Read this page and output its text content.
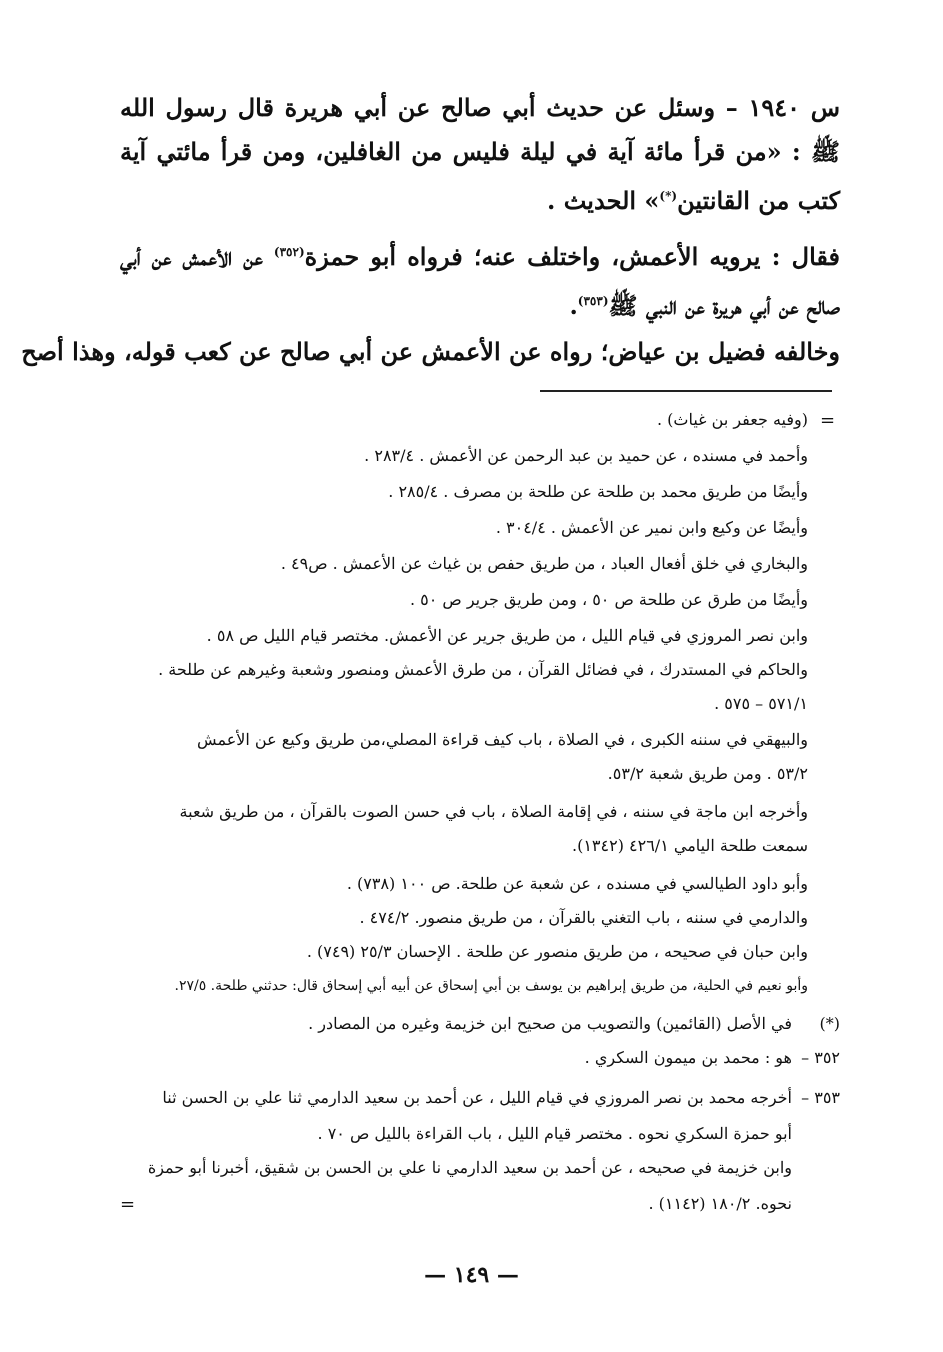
س ١٩٤٠ – وسئل عن حديث أبي صالح عن أبي هريرة قال رسول الله ﷺ : «من قرأ مائة آية في ليلة فليس من الغافلين، ومن قرأ مائتي آية كتب من القانتين(*)» الحديث .

فقال : يرويه الأعمش، واختلف عنه؛ فرواه أبو حمزة$^{(٣٥٢)}$ عن الأعمش عن أبي صالح عن أبي هريرة عن النبي ﷺ$^{(٣٥٣)}$.

وخالفه فضيل بن عياض؛ رواه عن الأعمش عن أبي صالح عن كعب قوله، وهذا أصح

=
(وفيه جعفر بن غياث) .
وأحمد في مسنده ، عن حميد بن عبد الرحمن عن الأعمش . ٢٨٣/٤ .
وأيضًا من طريق محمد بن طلحة عن طلحة بن مصرف . ٢٨٥/٤ .
وأيضًا عن وكيع وابن نمير عن الأعمش . ٣٠٤/٤ .
والبخاري في خلق أفعال العباد ، من طريق حفص بن غياث عن الأعمش . ص٤٩ .
وأيضًا من طرق عن طلحة ص ٥٠ ، ومن طريق جرير ص ٥٠ .
وابن نصر المروزي في قيام الليل ، من طريق جرير عن الأعمش. مختصر قيام الليل ص ٥٨ .
والحاكم في المستدرك ، في فضائل القرآن ، من طرق الأعمش ومنصور وشعبة وغيرهم عن طلحة .
٥٧١/١ – ٥٧٥ .
والبيهقي في سننه الكبرى ، في الصلاة ، باب كيف قراءة المصلي،من طريق وكيع عن الأعمش
٥٣/٢ . ومن طريق شعبة ٥٣/٢.
وأخرجه ابن ماجة في سننه ، في إقامة الصلاة ، باب في حسن الصوت بالقرآن ، من طريق شعبة
سمعت طلحة اليامي ٤٢٦/١ (١٣٤٢).
وأبو داود الطيالسي في مسنده ، عن شعبة عن طلحة. ص ١٠٠ (٧٣٨) .
والدارمي في سننه ، باب التغني بالقرآن ، من طريق منصور. ٤٧٤/٢ .
وابن حبان في صحيحه ، من طريق منصور عن طلحة . الإحسان ٢٥/٣ (٧٤٩) .
وأبو نعيم في الحلية، من طريق إبراهيم بن يوسف بن أبي إسحاق عن أبيه أبي إسحاق قال: حدثني طلحة. ٢٧/٥.
(*)
في الأصل (القائمين) والتصويب من صحيح ابن خزيمة وغيره من المصادر .
٣٥٢ –
هو : محمد بن ميمون السكري .
٣٥٣ –
أخرجه محمد بن نصر المروزي في قيام الليل ، عن أحمد بن سعيد الدارمي ثنا علي بن الحسن ثنا
أبو حمزة السكري نحوه . مختصر قيام الليل ، باب القراءة بالليل ص ٧٠ .
وابن خزيمة في صحيحه ، عن أحمد بن سعيد الدارمي نا علي بن الحسن بن شقيق، أخبرنا أبو حمزة
نحوه. ١٨٠/٢ (١١٤٢) .
=
— ١٤٩ —
